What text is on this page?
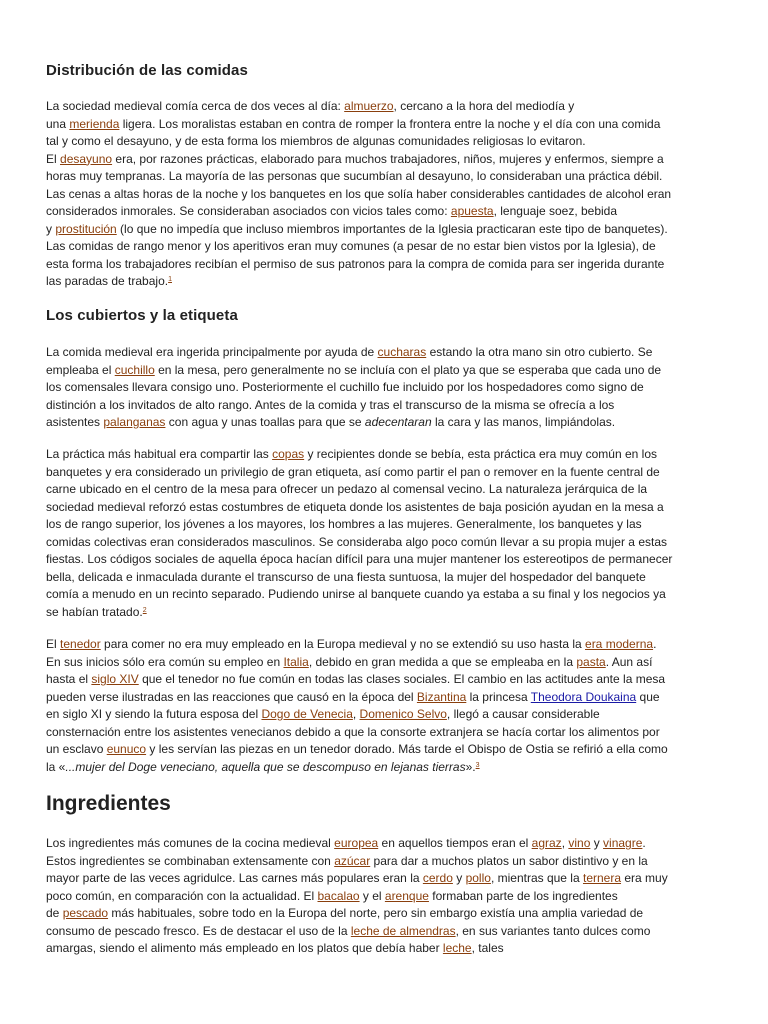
Distribución de las comidas
La sociedad medieval comía cerca de dos veces al día: almuerzo, cercano a la hora del mediodía y
una merienda ligera. Los moralistas estaban en contra de romper la frontera entre la noche y el día con una comida
tal y como el desayuno, y de esta forma los miembros de algunas comunidades religiosas lo evitaron.
El desayuno era, por razones prácticas, elaborado para muchos trabajadores, niños, mujeres y enfermos, siempre a
horas muy tempranas. La mayoría de las personas que sucumbían al desayuno, lo consideraban una práctica débil.
Las cenas a altas horas de la noche y los banquetes en los que solía haber considerables cantidades de alcohol eran
considerados inmorales. Se consideraban asociados con vicios tales como: apuesta, lenguaje soez, bebida
y prostitución (lo que no impedía que incluso miembros importantes de la Iglesia practicaran este tipo de banquetes).
Las comidas de rango menor y los aperitivos eran muy comunes (a pesar de no estar bien vistos por la Iglesia), de
esta forma los trabajadores recibían el permiso de sus patronos para la compra de comida para ser ingerida durante
las paradas de trabajo.$^1$
Los cubiertos y la etiqueta
La comida medieval era ingerida principalmente por ayuda de cucharas estando la otra mano sin otro cubierto. Se
empleaba el cuchillo en la mesa, pero generalmente no se incluía con el plato ya que se esperaba que cada uno de
los comensales llevara consigo uno. Posteriormente el cuchillo fue incluido por los hospedadores como signo de
distinción a los invitados de alto rango. Antes de la comida y tras el transcurso de la misma se ofrecía a los
asistentes palanganas con agua y unas toallas para que se adecentaran la cara y las manos, limpiándolas.
La práctica más habitual era compartir las copas y recipientes donde se bebía, esta práctica era muy común en los
banquetes y era considerado un privilegio de gran etiqueta, así como partir el pan o remover en la fuente central de
carne ubicado en el centro de la mesa para ofrecer un pedazo al comensal vecino. La naturaleza jerárquica de la
sociedad medieval reforzó estas costumbres de etiqueta donde los asistentes de baja posición ayudan en la mesa a
los de rango superior, los jóvenes a los mayores, los hombres a las mujeres. Generalmente, los banquetes y las
comidas colectivas eran considerados masculinos. Se consideraba algo poco común llevar a su propia mujer a estas
fiestas. Los códigos sociales de aquella época hacían difícil para una mujer mantener los estereotipos de permanecer
bella, delicada e inmaculada durante el transcurso de una fiesta suntuosa, la mujer del hospedador del banquete
comía a menudo en un recinto separado. Pudiendo unirse al banquete cuando ya estaba a su final y los negocios ya
se habían tratado.$^2$
El tenedor para comer no era muy empleado en la Europa medieval y no se extendió su uso hasta la era moderna.
En sus inicios sólo era común su empleo en Italia, debido en gran medida a que se empleaba en la pasta. Aun así
hasta el siglo XIV que el tenedor no fue común en todas las clases sociales. El cambio en las actitudes ante la mesa
pueden verse ilustradas en las reacciones que causó en la época del Bizantina la princesa Theodora Doukaina que
en siglo XI y siendo la futura esposa del Dogo de Venecia, Domenico Selvo, llegó a causar considerable
consternación entre los asistentes venecianos debido a que la consorte extranjera se hacía cortar los alimentos por
un esclavo eunuco y les servían las piezas en un tenedor dorado. Más tarde el Obispo de Ostia se refirió a ella como
la «...mujer del Doge veneciano, aquella que se descompuso en lejanas tierras».$^3$
Ingredientes
Los ingredientes más comunes de la cocina medieval europea en aquellos tiempos eran el agraz, vino y vinagre.
Estos ingredientes se combinaban extensamente con azúcar para dar a muchos platos un sabor distintivo y en la
mayor parte de las veces agridulce. Las carnes más populares eran la cerdo y pollo, mientras que la ternera era muy
poco común, en comparación con la actualidad. El bacalao y el arenque formaban parte de los ingredientes
de pescado más habituales, sobre todo en la Europa del norte, pero sin embargo existía una amplia variedad de
consumo de pescado fresco. Es de destacar el uso de la leche de almendras, en sus variantes tanto dulces como
amargas, siendo el alimento más empleado en los platos que debía haber leche, tales
